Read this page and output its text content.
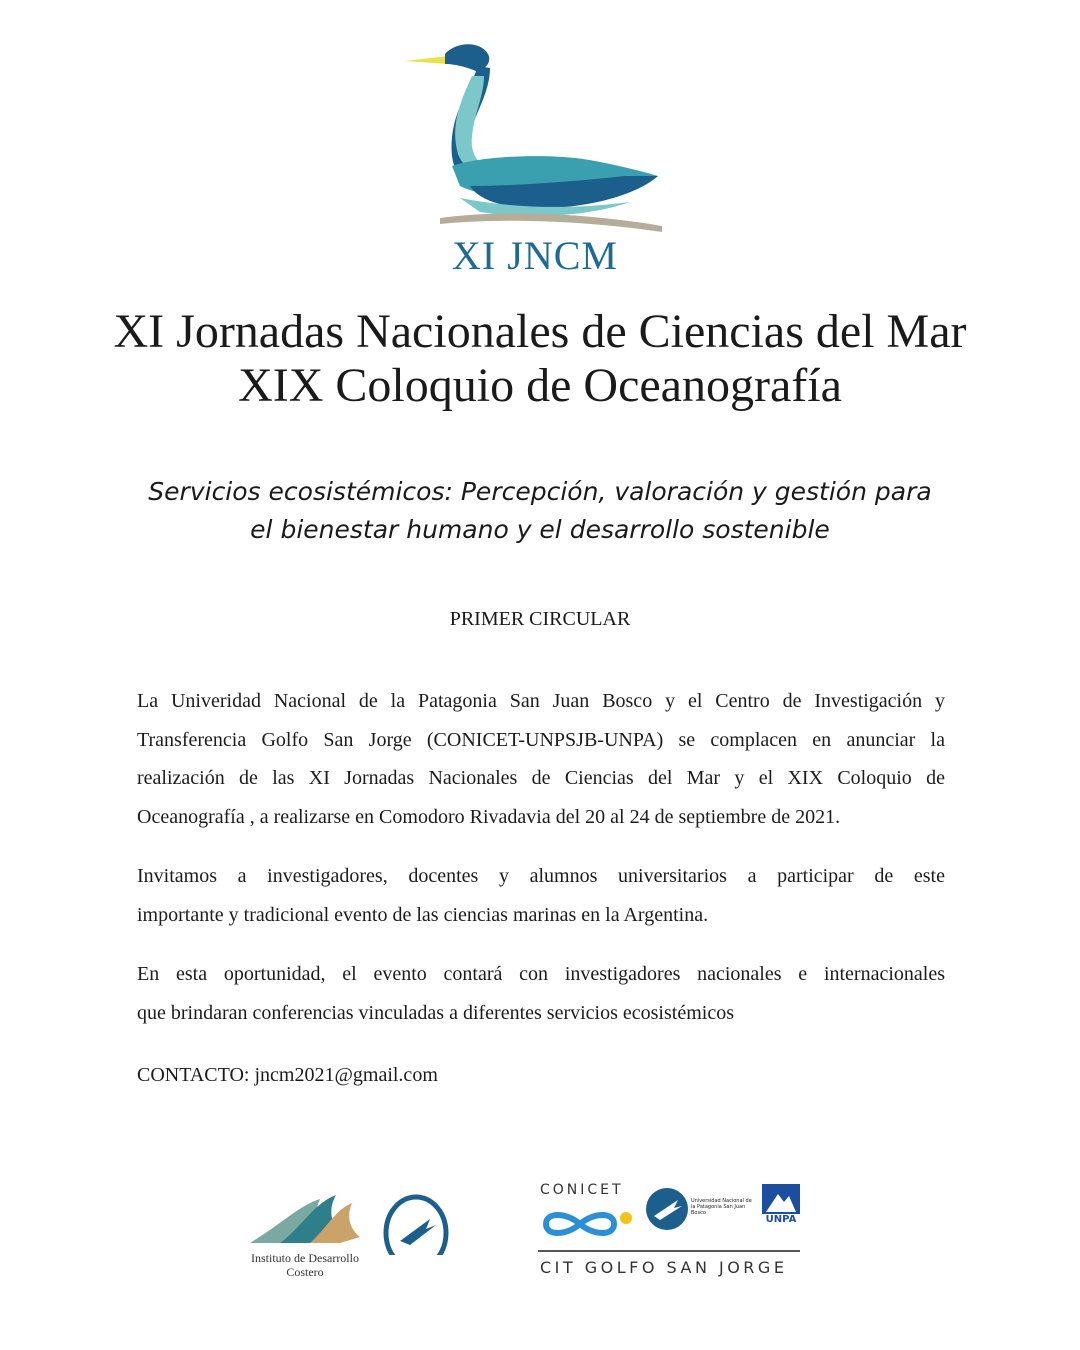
XI JNCM
XI Jornadas Nacionales de Ciencias del Mar
XIX Coloquio de Oceanografía
Servicios ecosistémicos: Percepción, valoración y gestión para
el bienestar humano y el desarrollo sostenible
PRIMER CIRCULAR

La Univeridad Nacional de la Patagonia San Juan Bosco y el Centro de Investigación y
Transferencia Golfo San Jorge (CONICET-UNPSJB-UNPA) se complacen en anunciar la
realización de las XI Jornadas Nacionales de Ciencias del Mar y el XIX Coloquio de
Oceanografía , a realizarse en Comodoro Rivadavia del 20 al 24 de septiembre de 2021.

Invitamos a investigadores, docentes y alumnos universitarios a participar de este
importante y tradicional evento de las ciencias marinas en la Argentina.

En esta oportunidad, el evento contará con investigadores nacionales e internacionales
que brindaran conferencias vinculadas a diferentes servicios ecosistémicos

CONTACTO: jncm2021@gmail.com
Instituto de Desarrollo
Costero
CONICET
Universidad Nacional de la Patagonia San Juan Bosco
UNPA
CIT GOLFO SAN JORGE
